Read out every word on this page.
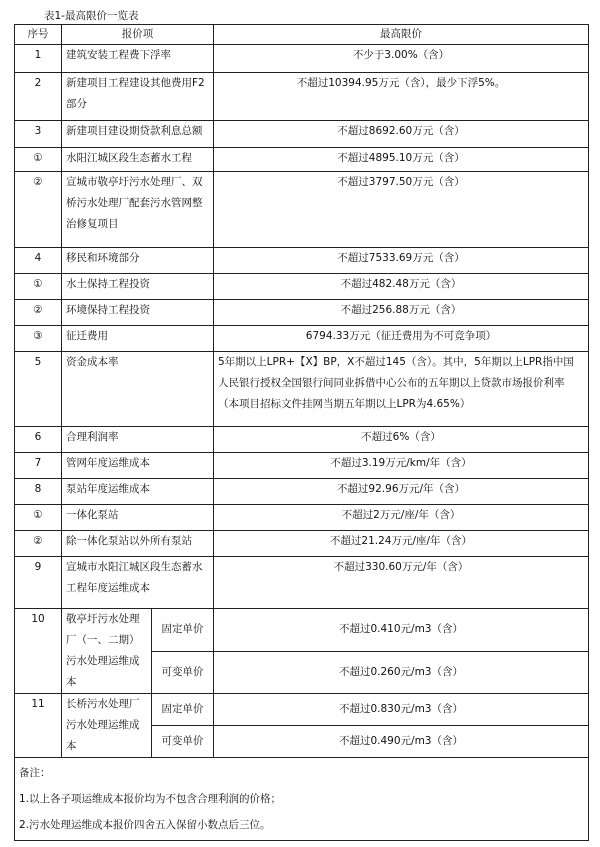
表1-最高限价一览表
序号	报价项		最高限价
1	建筑安装工程费下浮率		不少于3.00%（含）
2	新建项目工程建设其他费用F2部分		不超过10394.95万元（含），最少下浮5%。
3	新建项目建设期贷款利息总额		不超过8692.60万元（含）
①	水阳江城区段生态蓄水工程		不超过4895.10万元（含）
②	宣城市敬亭圩污水处理厂、双桥污水处理厂配套污水管网整治修复项目		不超过3797.50万元（含）
4	移民和环境部分		不超过7533.69万元（含）
①	水土保持工程投资		不超过482.48万元（含）
②	环境保持工程投资		不超过256.88万元（含）
③	征迁费用		6794.33万元（征迁费用为不可竞争项）
5	资金成本率		5年期以上LPR+【X】BP，X不超过145（含）。其中，5年期以上LPR指中国人民银行授权全国银行间同业拆借中心公布的五年期以上贷款市场报价利率（本项目招标文件挂网当期五年期以上LPR为4.65%）
6	合理利润率		不超过6%（含）
7	管网年度运维成本		不超过3.19万元/km/年（含）
8	泵站年度运维成本		不超过92.96万元/年（含）
①	一体化泵站		不超过2万元/座/年（含）
②	除一体化泵站以外所有泵站		不超过21.24万元/座/年（含）
9	宣城市水阳江城区段生态蓄水工程年度运维成本		不超过330.60万元/年（含）
10	敬亭圩污水处理厂（一、二期）污水处理运维成本	固定单价	不超过0.410元/m3（含）
		可变单价	不超过0.260元/m3（含）
11	长桥污水处理厂污水处理运维成本	固定单价	不超过0.830元/m3（含）
		可变单价	不超过0.490元/m3（含）

备注：
1.以上各子项运维成本报价均为不包含合理利润的价格；
2.污水处理运维成本报价四舍五入保留小数点后三位。			
